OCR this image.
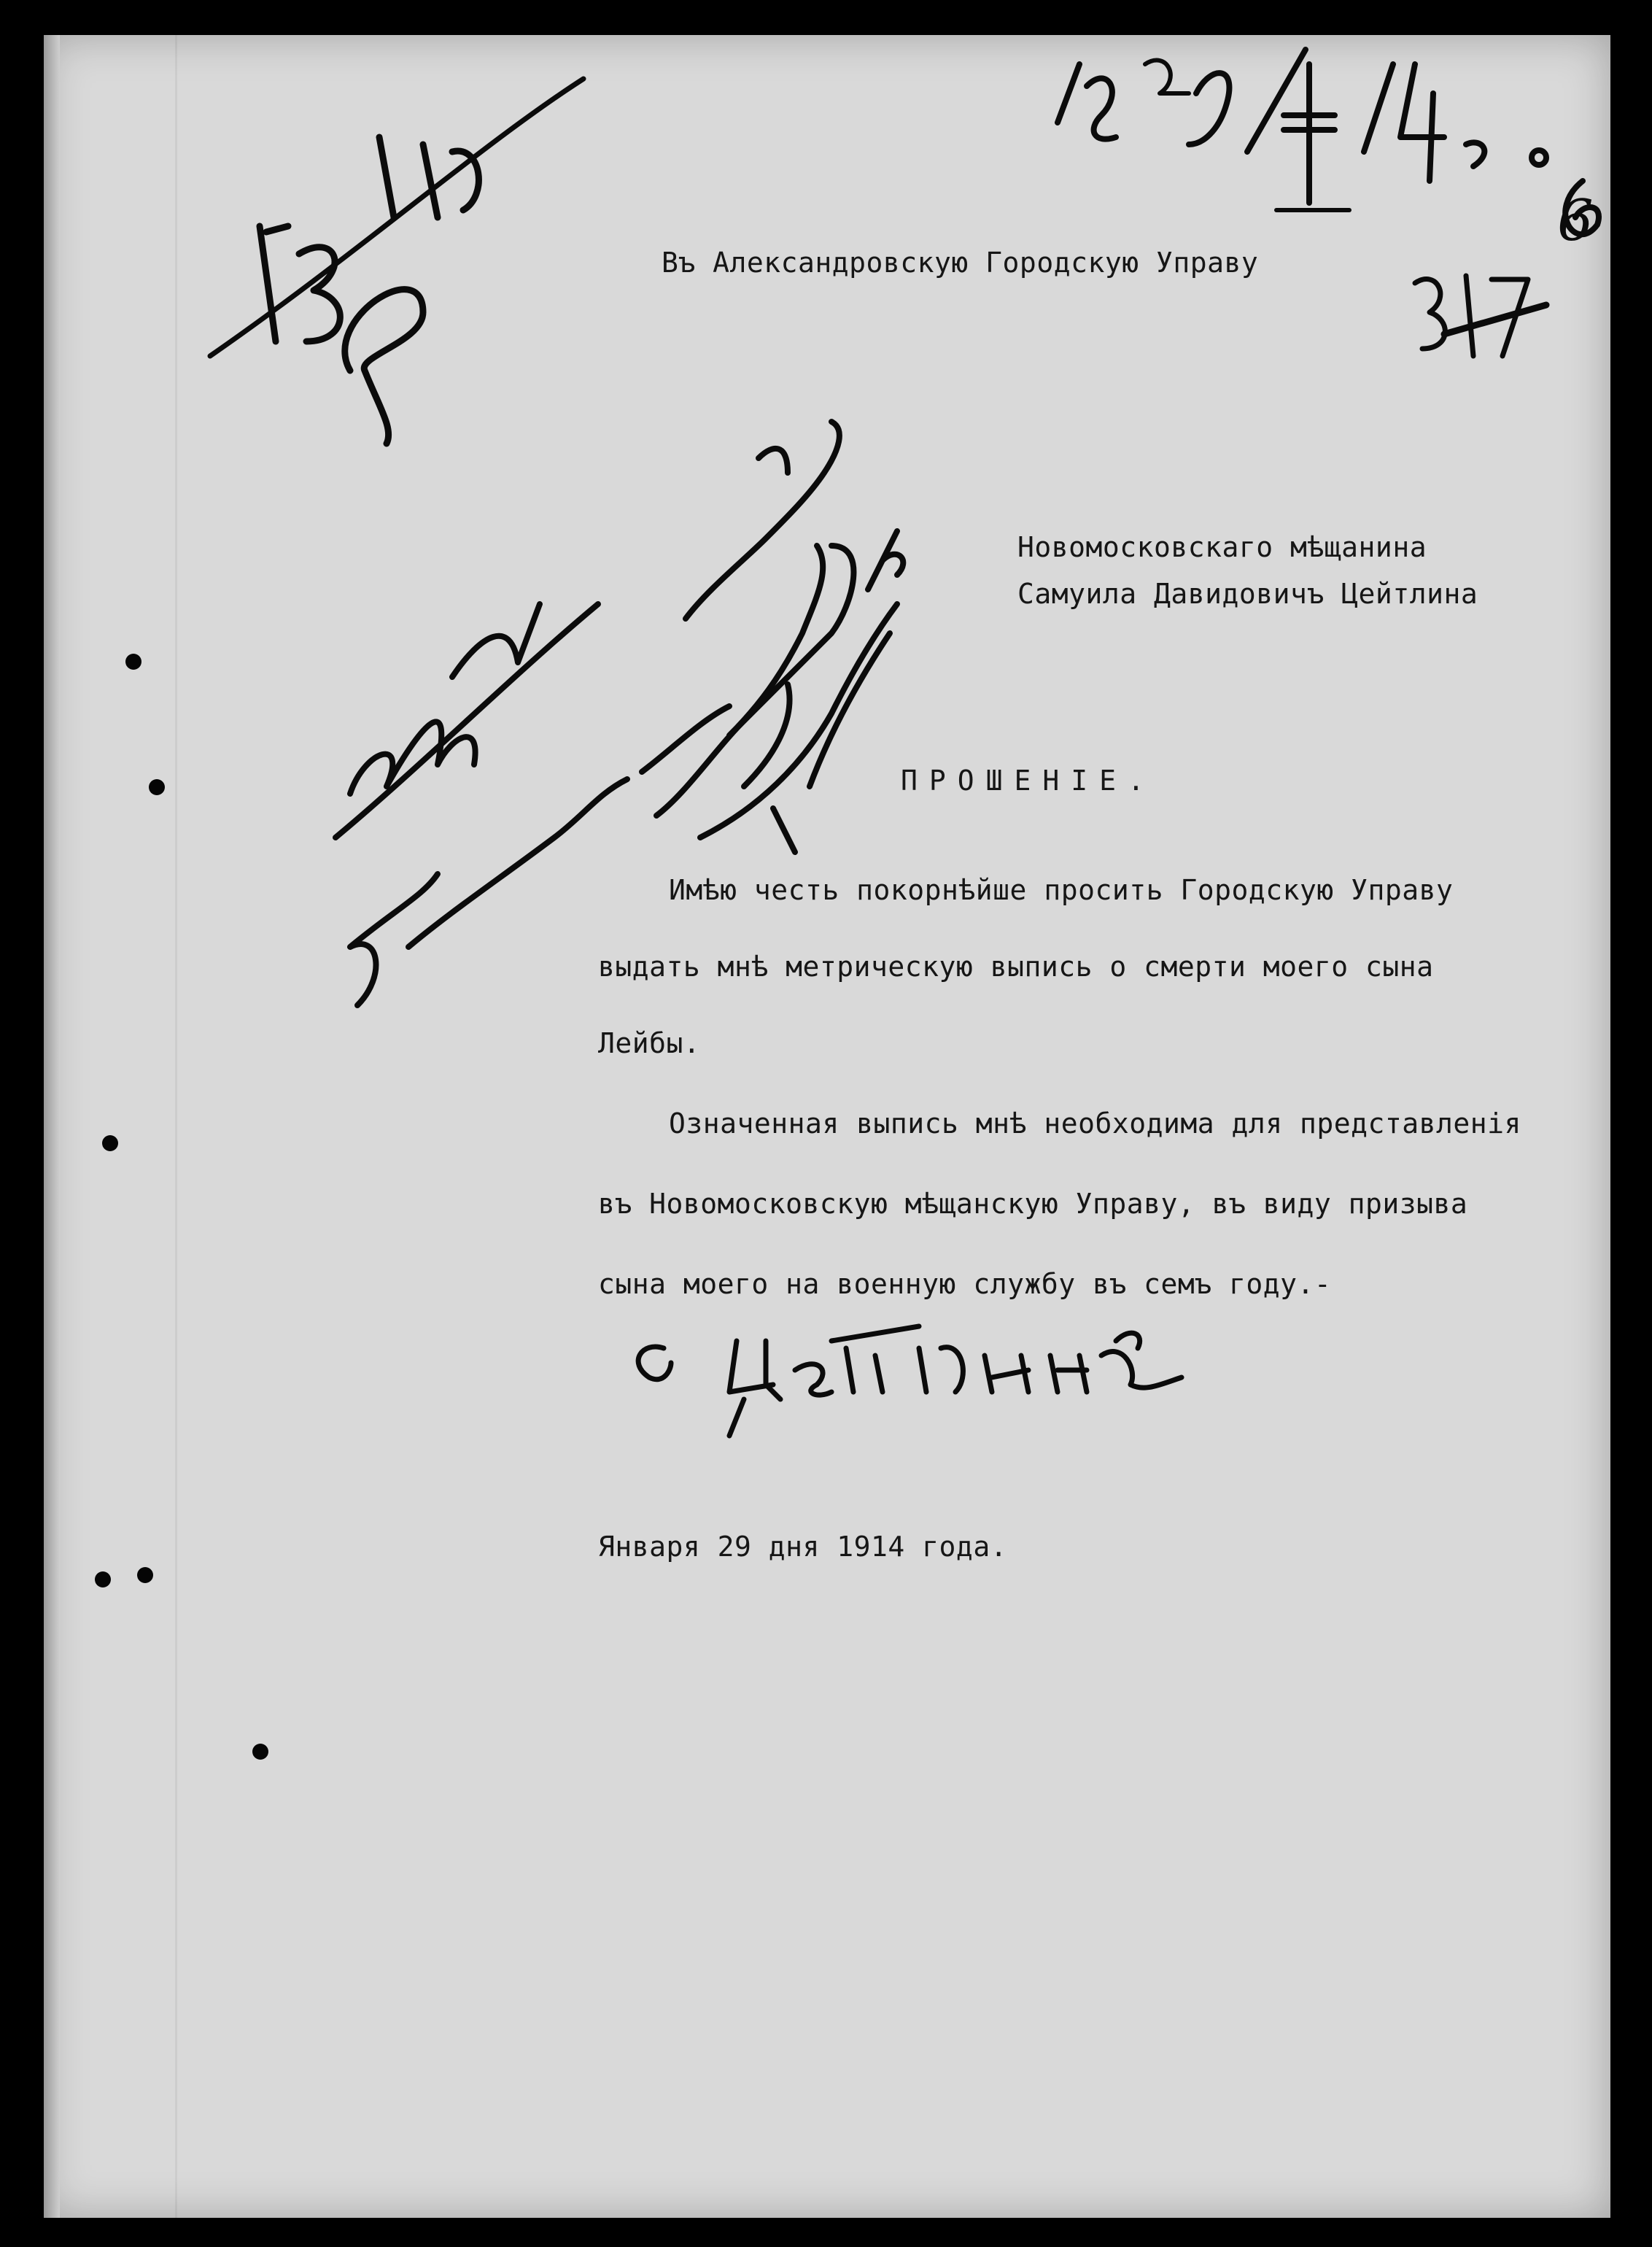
Въ Александровскую Городскую Управу
Новомосковскаго мѣщанина
Самуила Давидовичъ Цейтлина
ПРОШЕНIЕ.
Имѣю честь покорнѣйше просить Городскую Управу
выдать мнѣ метрическую выпись о смерти моего сына
Лейбы.
Означенная выпись мнѣ необходима для представленiя
въ Новомосковскую мѣщанскую Управу, въ виду призыва
сына моего на военную службу въ семъ году.-
Января 29 дня 1914 года.
6
